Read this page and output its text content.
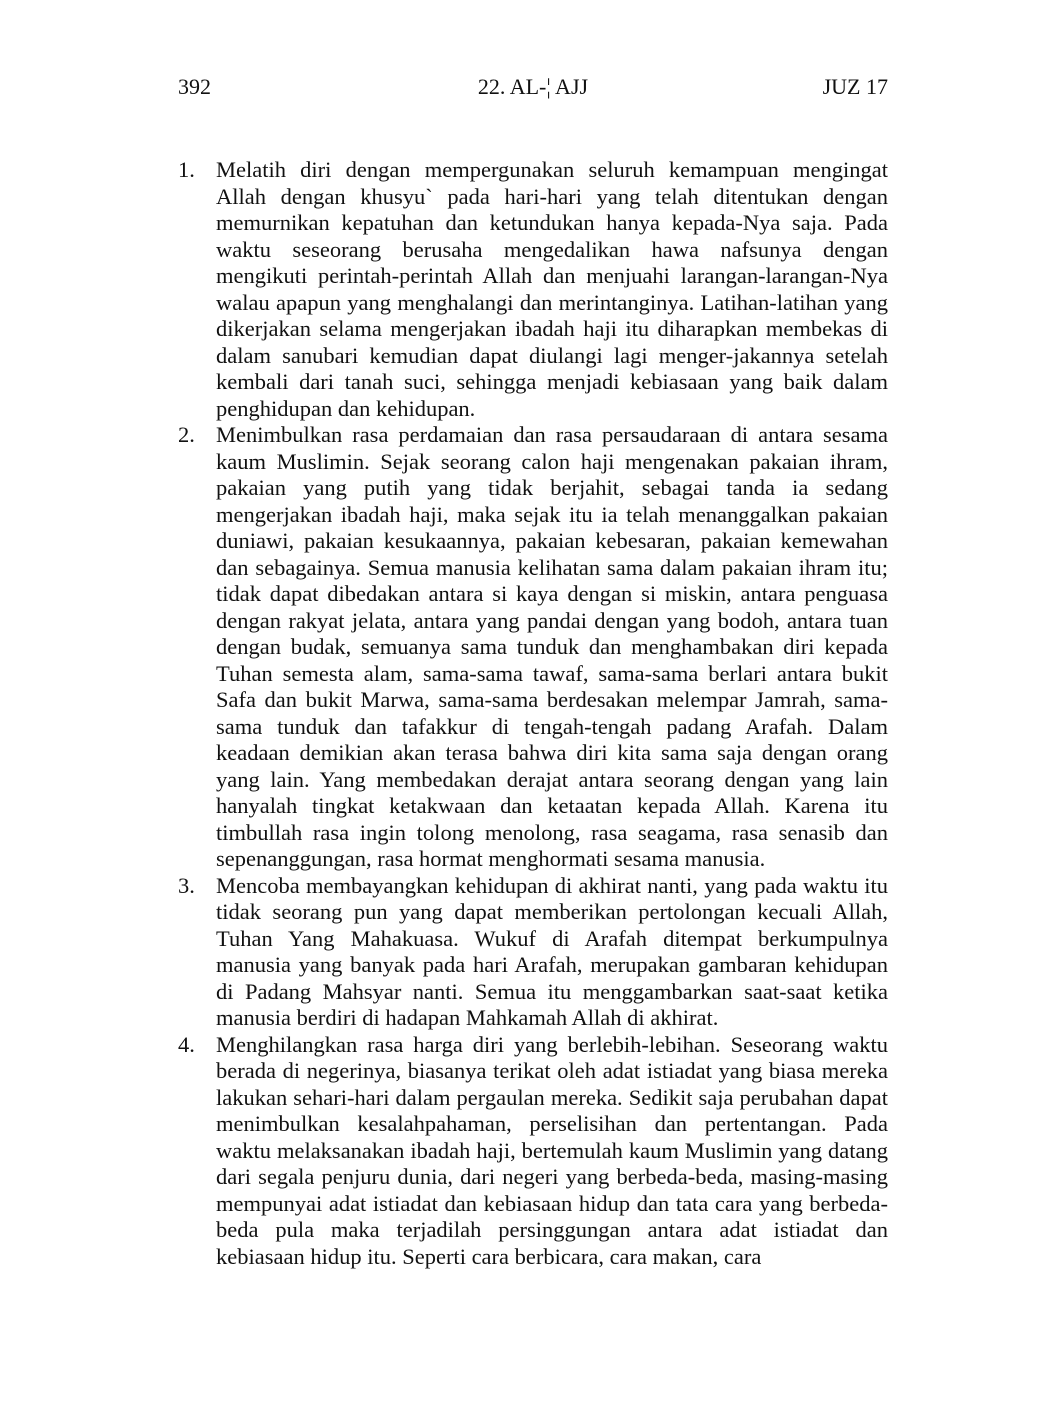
392	22. AL-¦ AJJ	JUZ 17
1. Melatih diri dengan mempergunakan seluruh kemampuan mengingat Allah dengan khusyu` pada hari-hari yang telah ditentukan dengan memurnikan kepatuhan dan ketundukan hanya kepada-Nya saja. Pada waktu seseorang berusaha mengedalikan hawa nafsunya dengan mengikuti perintah-perintah Allah dan menjuahi larangan-larangan-Nya walau apapun yang menghalangi dan merintanginya. Latihan-latihan yang dikerjakan selama mengerjakan ibadah haji itu diharapkan membekas di dalam sanubari kemudian dapat diulangi lagi menger-jakannya setelah kembali dari tanah suci, sehingga menjadi kebiasaan yang baik dalam penghidupan dan kehidupan.
2. Menimbulkan rasa perdamaian dan rasa persaudaraan di antara sesama kaum Muslimin. Sejak seorang calon haji mengenakan pakaian ihram, pakaian yang putih yang tidak berjahit, sebagai tanda ia sedang mengerjakan ibadah haji, maka sejak itu ia telah menanggalkan pakaian duniawi, pakaian kesukaannya, pakaian kebesaran, pakaian kemewahan dan sebagainya. Semua manusia kelihatan sama dalam pakaian ihram itu; tidak dapat dibedakan antara si kaya dengan si miskin, antara penguasa dengan rakyat jelata, antara yang pandai dengan yang bodoh, antara tuan dengan budak, semuanya sama tunduk dan menghambakan diri kepada Tuhan semesta alam, sama-sama tawaf, sama-sama berlari antara bukit Safa dan bukit Marwa, sama-sama berdesakan melempar Jamrah, sama-sama tunduk dan tafakkur di tengah-tengah padang Arafah. Dalam keadaan demikian akan terasa bahwa diri kita sama saja dengan orang yang lain. Yang membedakan derajat antara seorang dengan yang lain hanyalah tingkat ketakwaan dan ketaatan kepada Allah. Karena itu timbullah rasa ingin tolong menolong, rasa seagama, rasa senasib dan sepenanggungan, rasa hormat menghormati sesama manusia.
3. Mencoba membayangkan kehidupan di akhirat nanti, yang pada waktu itu tidak seorang pun yang dapat memberikan pertolongan kecuali Allah, Tuhan Yang Mahakuasa. Wukuf di Arafah ditempat berkumpulnya manusia yang banyak pada hari Arafah, merupakan gambaran kehidupan di Padang Mahsyar nanti. Semua itu menggambarkan saat-saat ketika manusia berdiri di hadapan Mahkamah Allah di akhirat.
4. Menghilangkan rasa harga diri yang berlebih-lebihan. Seseorang waktu berada di negerinya, biasanya terikat oleh adat istiadat yang biasa mereka lakukan sehari-hari dalam pergaulan mereka. Sedikit saja perubahan dapat menimbulkan kesalahpahaman, perselisihan dan pertentangan. Pada waktu melaksanakan ibadah haji, bertemulah kaum Muslimin yang datang dari segala penjuru dunia, dari negeri yang berbeda-beda, masing-masing mempunyai adat istiadat dan kebiasaan hidup dan tata cara yang berbeda-beda pula maka terjadilah persinggungan antara adat istiadat dan kebiasaan hidup itu. Seperti cara berbicara, cara makan, cara
